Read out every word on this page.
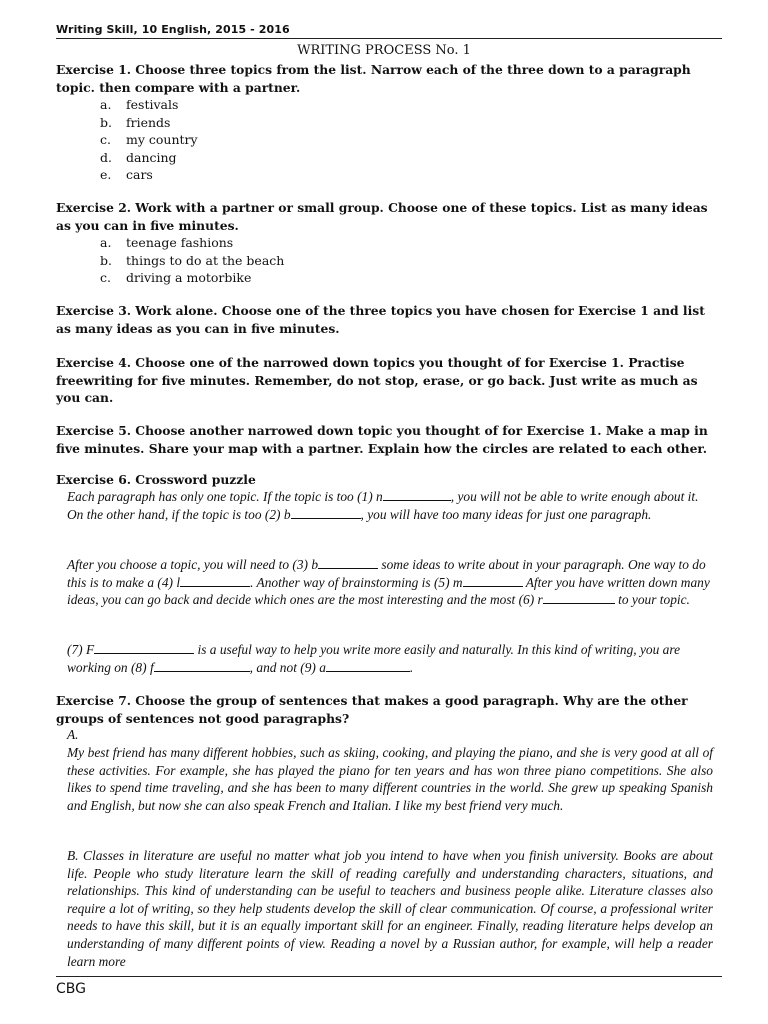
Writing Skill, 10 English, 2015 - 2016
WRITING PROCESS No. 1
Exercise 1. Choose three topics from the list. Narrow each of the three down to a paragraph topic. then compare with a partner.
a.	festivals
b.	friends
c.	my country
d.	dancing
e.	cars
Exercise 2. Work with a partner or small group. Choose one of these topics. List as many ideas as you can in five minutes.
a.	teenage fashions
b.	things to do at the beach
c.	driving a motorbike
Exercise 3. Work alone. Choose one of the three topics you have chosen for Exercise 1 and list as many ideas as you can in five minutes.
Exercise 4. Choose one of the narrowed down topics you thought of for Exercise 1. Practise freewriting for five minutes. Remember, do not stop, erase, or go back. Just write as much as you can.
Exercise 5. Choose another narrowed down topic you thought of for Exercise 1. Make a map in five minutes. Share your map with a partner. Explain how the circles are related to each other.
Exercise 6. Crossword puzzle
Each paragraph has only one topic. If the topic is too (1) n	, you will not be able to write enough about it. On the other hand, if the topic is too (2) b	, you will have too many ideas for just one paragraph.
After you choose a topic, you will need to (3) b	some ideas to write about in your paragraph. One way to do this is to make a (4) l	. Another way of brainstorming is (5) m	After you have written down many ideas, you can go back and decide which ones are the most interesting and the most (6) r	to your topic.
(7) F	is a useful way to help you write more easily and naturally. In this kind of writing, you are working on (8) f	, and not (9) a	.
Exercise 7. Choose the group of sentences that makes a good paragraph. Why are the other groups of sentences not good paragraphs?
A.
My best friend has many different hobbies, such as skiing, cooking, and playing the piano, and she is very good at all of these activities. For example, she has played the piano for ten years and has won three piano competitions. She also likes to spend time traveling, and she has been to many different countries in the world. She grew up speaking Spanish and English, but now she can also speak French and Italian. I like my best friend very much.
B. Classes in literature are useful no matter what job you intend to have when you finish university. Books are about life. People who study literature learn the skill of reading carefully and understanding characters, situations, and relationships. This kind of understanding can be useful to teachers and business people alike. Literature classes also require a lot of writing, so they help students develop the skill of clear communication. Of course, a professional writer needs to have this skill, but it is an equally important skill for an engineer. Finally, reading literature helps develop an understanding of many different points of view. Reading a novel by a Russian author, for example, will help a reader learn more
CBG
